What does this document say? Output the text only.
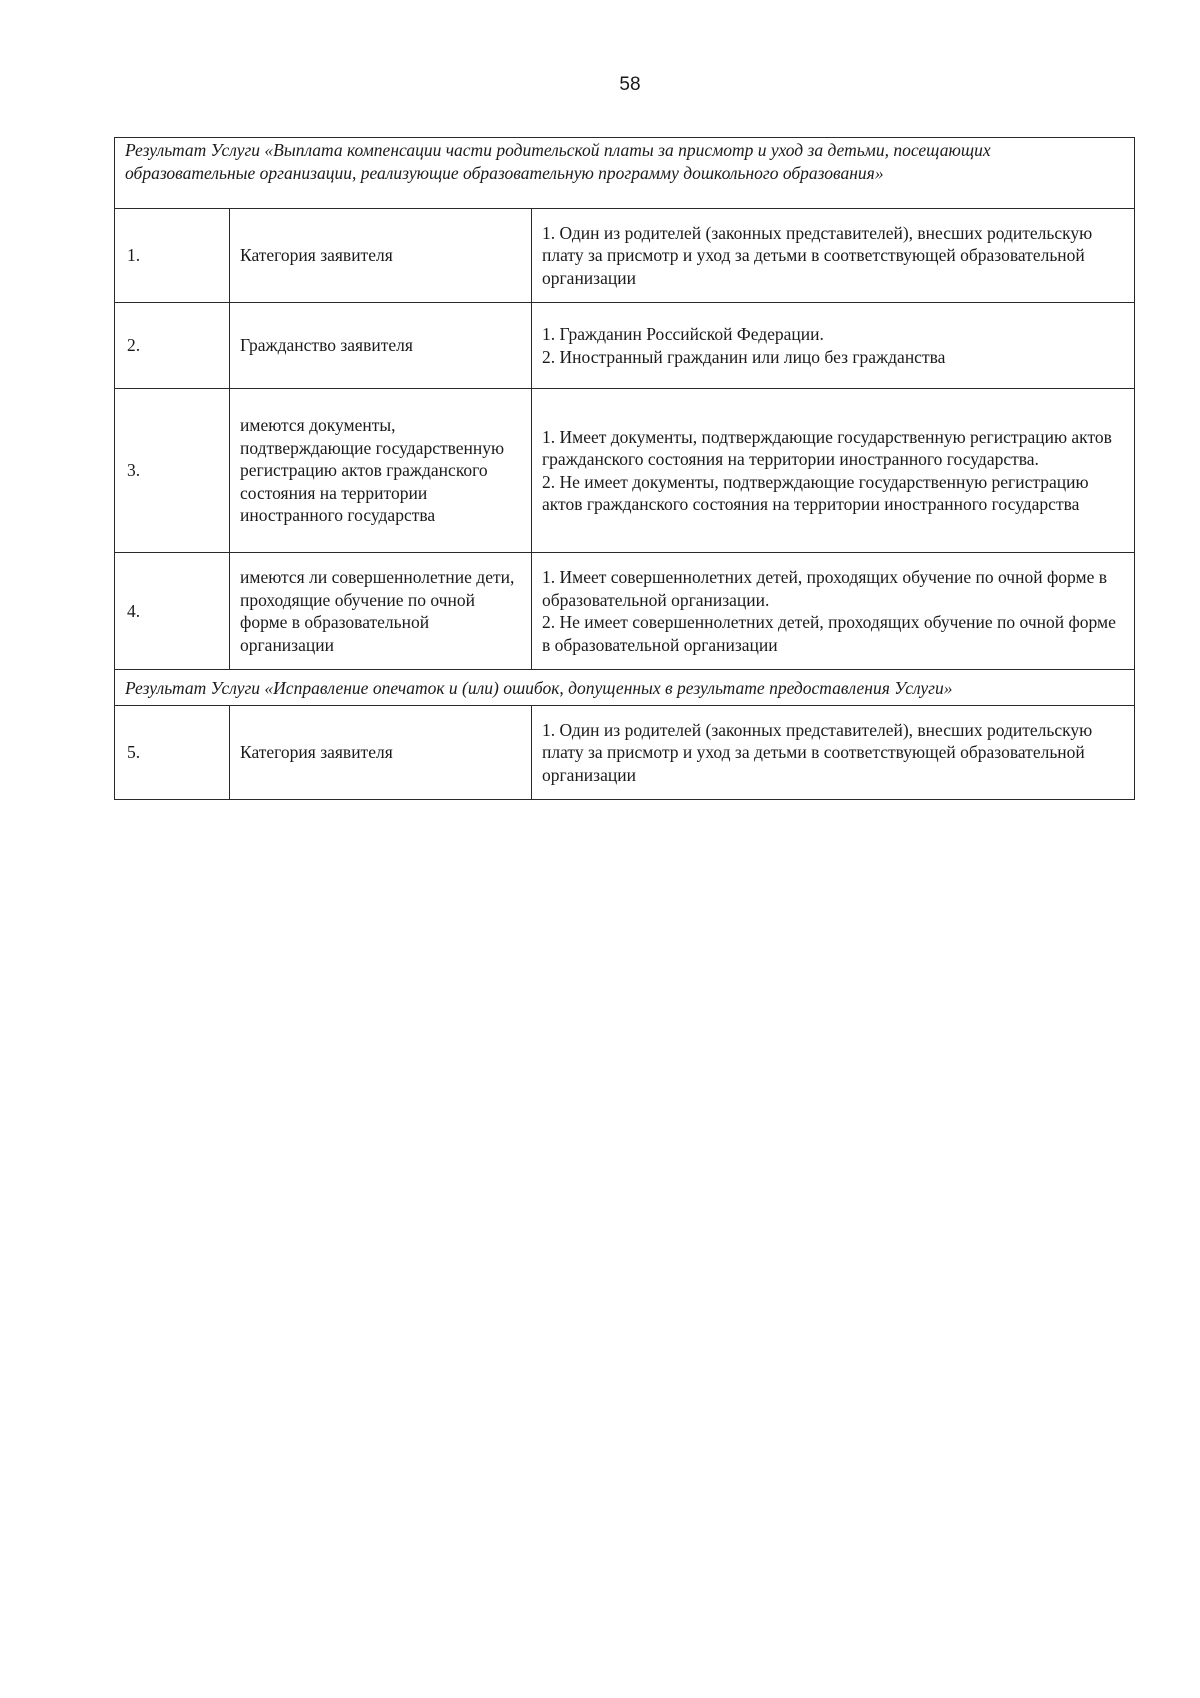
58
Результат Услуги «Выплата компенсации части родительской платы за присмотр и уход за детьми, посещающих образовательные организации, реализующие образовательную программу дошкольного образования»		
1.	Категория заявителя	1. Один из родителей (законных представителей), внесших родительскую плату за присмотр и уход за детьми в соответствующей образовательной организации

2.	Гражданство заявителя	1. Гражданин Российской Федерации.
2. Иностранный гражданин или лицо без гражданства

3.	имеются документы, подтверждающие государственную регистрацию актов гражданского состояния на территории иностранного государства	1. Имеет документы, подтверждающие государственную регистрацию актов гражданского состояния на территории иностранного государства.
2. Не имеет документы, подтверждающие государственную регистрацию актов гражданского состояния на территории иностранного государства

4.	имеются ли совершеннолетние дети, проходящие обучение по очной форме в образовательной организации	1. Имеет совершеннолетних детей, проходящих обучение по очной форме в образовательной организации.
2. Не имеет совершеннолетних детей, проходящих обучение по очной форме в образовательной организации

Результат Услуги «Исправление опечаток и (или) ошибок, допущенных в результате предоставления Услуги»		
5.	Категория заявителя	1. Один из родителей (законных представителей), внесших родительскую плату за присмотр и уход за детьми в соответствующей образовательной организации
